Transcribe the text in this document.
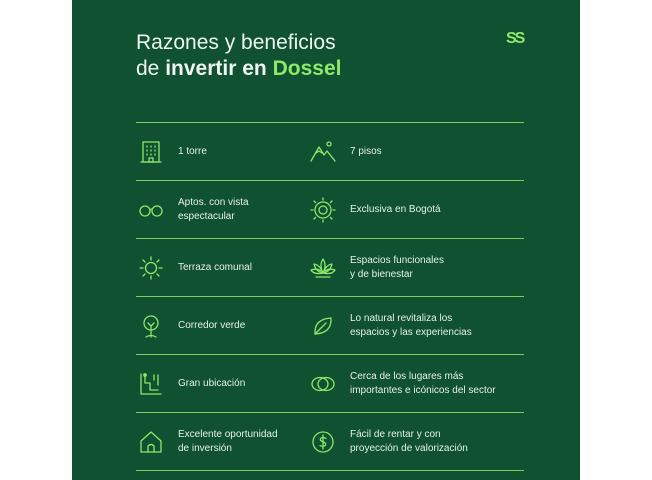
Razones y beneficios
de invertir en Dossel
SS
1 torre	7 pisos
Aptos. con vista
espectacular
Exclusiva en Bogotá
Terraza comunal
Espacios funcionales
y de bienestar
Corredor verde
Lo natural revitaliza los
espacios y las experiencias
Gran ubicación
Cerca de los lugares más
importantes e icónicos del sector
Excelente oportunidad
de inversión
Fácil de rentar y con
proyección de valorización
